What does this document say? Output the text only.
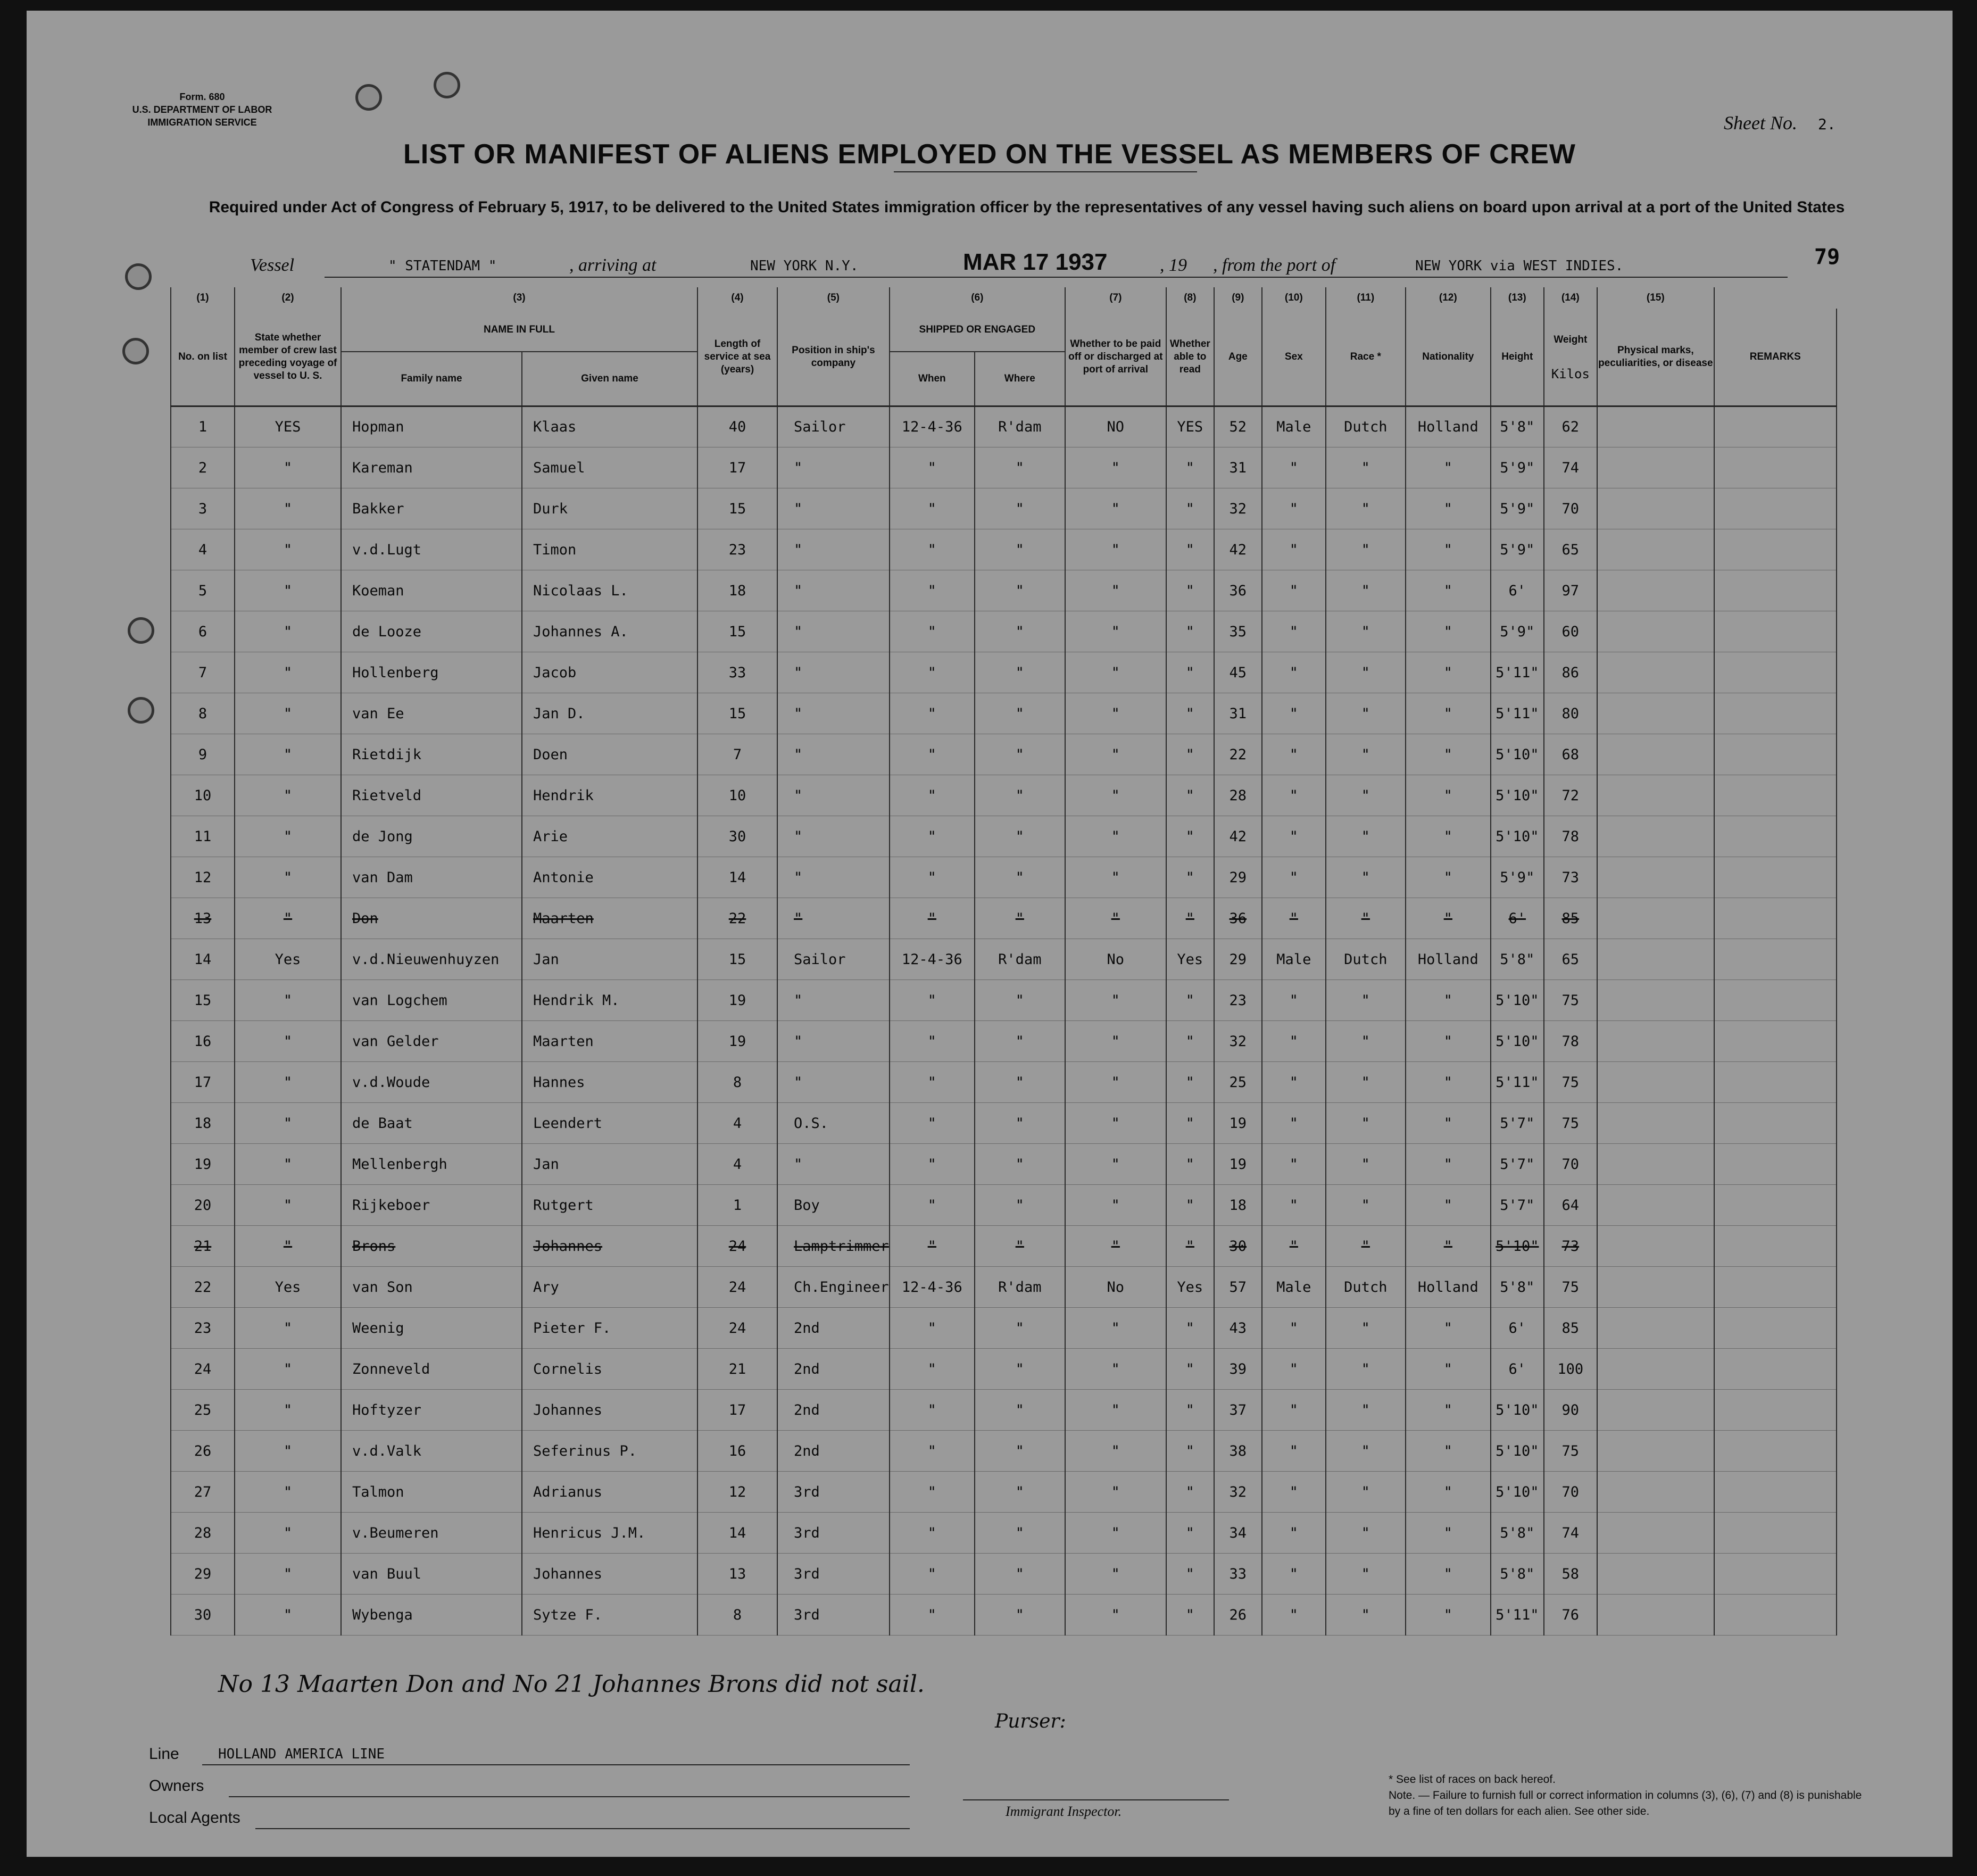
Form. 680
U.S. DEPARTMENT OF LABOR
IMMIGRATION SERVICE	Sheet No. 2.
LIST OR MANIFEST OF ALIENS EMPLOYED ON THE VESSEL AS MEMBERS OF CREW
Required under Act of Congress of February 5, 1917, to be delivered to the United States immigration officer by the representatives of any vessel having such aliens on board upon arrival at a port of the United States
Vessel	" STATENDAM "	, arriving at	NEW YORK N.Y.	MAR 17 1937	, 19 , from the port of	NEW YORK via WEST INDIES.	79
(1)	(2)	(3)		(4)	(5)	(6)		(7)	(8)	(9)	(10)	(11)	(12)	(13)	(14)	(15)	
No. on list	State whether member of crew last preceding voyage of vessel to U. S.	NAME IN FULL		Length of service at sea (years)	Position in ship's company	SHIPPED OR ENGAGED		Whether to be paid off or discharged at port of arrival	Whether able to read	Age	Sex	Race *	Nationality	Height	Weight
Kilos	Physical marks, peculiarities, or disease	REMARKS
		Family name	Given name			When	Where										
1	YES	Hopman	Klaas	40	Sailor	12-4-36	R'dam	NO	YES	52	Male	Dutch	Holland	5'8"	62		
2	"	Kareman	Samuel	17	"	"	"	"	"	31	"	"	"	5'9"	74		
3	"	Bakker	Durk	15	"	"	"	"	"	32	"	"	"	5'9"	70		
4	"	v.d.Lugt	Timon	23	"	"	"	"	"	42	"	"	"	5'9"	65		
5	"	Koeman	Nicolaas L.	18	"	"	"	"	"	36	"	"	"	6'	97		
6	"	de Looze	Johannes A.	15	"	"	"	"	"	35	"	"	"	5'9"	60		
7	"	Hollenberg	Jacob	33	"	"	"	"	"	45	"	"	"	5'11"	86		
8	"	van Ee	Jan D.	15	"	"	"	"	"	31	"	"	"	5'11"	80		
9	"	Rietdijk	Doen	7	"	"	"	"	"	22	"	"	"	5'10"	68		
10	"	Rietveld	Hendrik	10	"	"	"	"	"	28	"	"	"	5'10"	72		
11	"	de Jong	Arie	30	"	"	"	"	"	42	"	"	"	5'10"	78		
12	"	van Dam	Antonie	14	"	"	"	"	"	29	"	"	"	5'9"	73		
13	"	Don	Maarten	22	"	"	"	"	"	36	"	"	"	6'	85		
14	Yes	v.d.Nieuwenhuyzen	Jan	15	Sailor	12-4-36	R'dam	No	Yes	29	Male	Dutch	Holland	5'8"	65		
15	"	van Logchem	Hendrik M.	19	"	"	"	"	"	23	"	"	"	5'10"	75		
16	"	van Gelder	Maarten	19	"	"	"	"	"	32	"	"	"	5'10"	78		
17	"	v.d.Woude	Hannes	8	"	"	"	"	"	25	"	"	"	5'11"	75		
18	"	de Baat	Leendert	4	O.S.	"	"	"	"	19	"	"	"	5'7"	75		
19	"	Mellenbergh	Jan	4	"	"	"	"	"	19	"	"	"	5'7"	70		
20	"	Rijkeboer	Rutgert	1	Boy	"	"	"	"	18	"	"	"	5'7"	64		
21	"	Brons	Johannes	24	Lamptrimmer	"	"	"	"	30	"	"	"	5'10"	73		
22	Yes	van Son	Ary	24	Ch.Engineer	12-4-36	R'dam	No	Yes	57	Male	Dutch	Holland	5'8"	75		
23	"	Weenig	Pieter F.	24	2nd	"	"	"	"	43	"	"	"	6'	85		
24	"	Zonneveld	Cornelis	21	2nd	"	"	"	"	39	"	"	"	6'	100		
25	"	Hoftyzer	Johannes	17	2nd	"	"	"	"	37	"	"	"	5'10"	90		
26	"	v.d.Valk	Seferinus P.	16	2nd	"	"	"	"	38	"	"	"	5'10"	75		
27	"	Talmon	Adrianus	12	3rd	"	"	"	"	32	"	"	"	5'10"	70		
28	"	v.Beumeren	Henricus J.M.	14	3rd	"	"	"	"	34	"	"	"	5'8"	74		
29	"	van Buul	Johannes	13	3rd	"	"	"	"	33	"	"	"	5'8"	58		
30	"	Wybenga	Sytze F.	8	3rd	"	"	"	"	26	"	"	"	5'11"	76		
No 13 Maarten Don and No 21 Johannes Brons did not sail.
Purser:
Line	HOLLAND AMERICA LINE
Owners
Local Agents	Immigrant Inspector.
* See list of races on back hereof.
Note. — Failure to furnish full or correct information in columns (3), (6), (7) and (8) is punishable by a fine of ten dollars for each alien. See other side.
